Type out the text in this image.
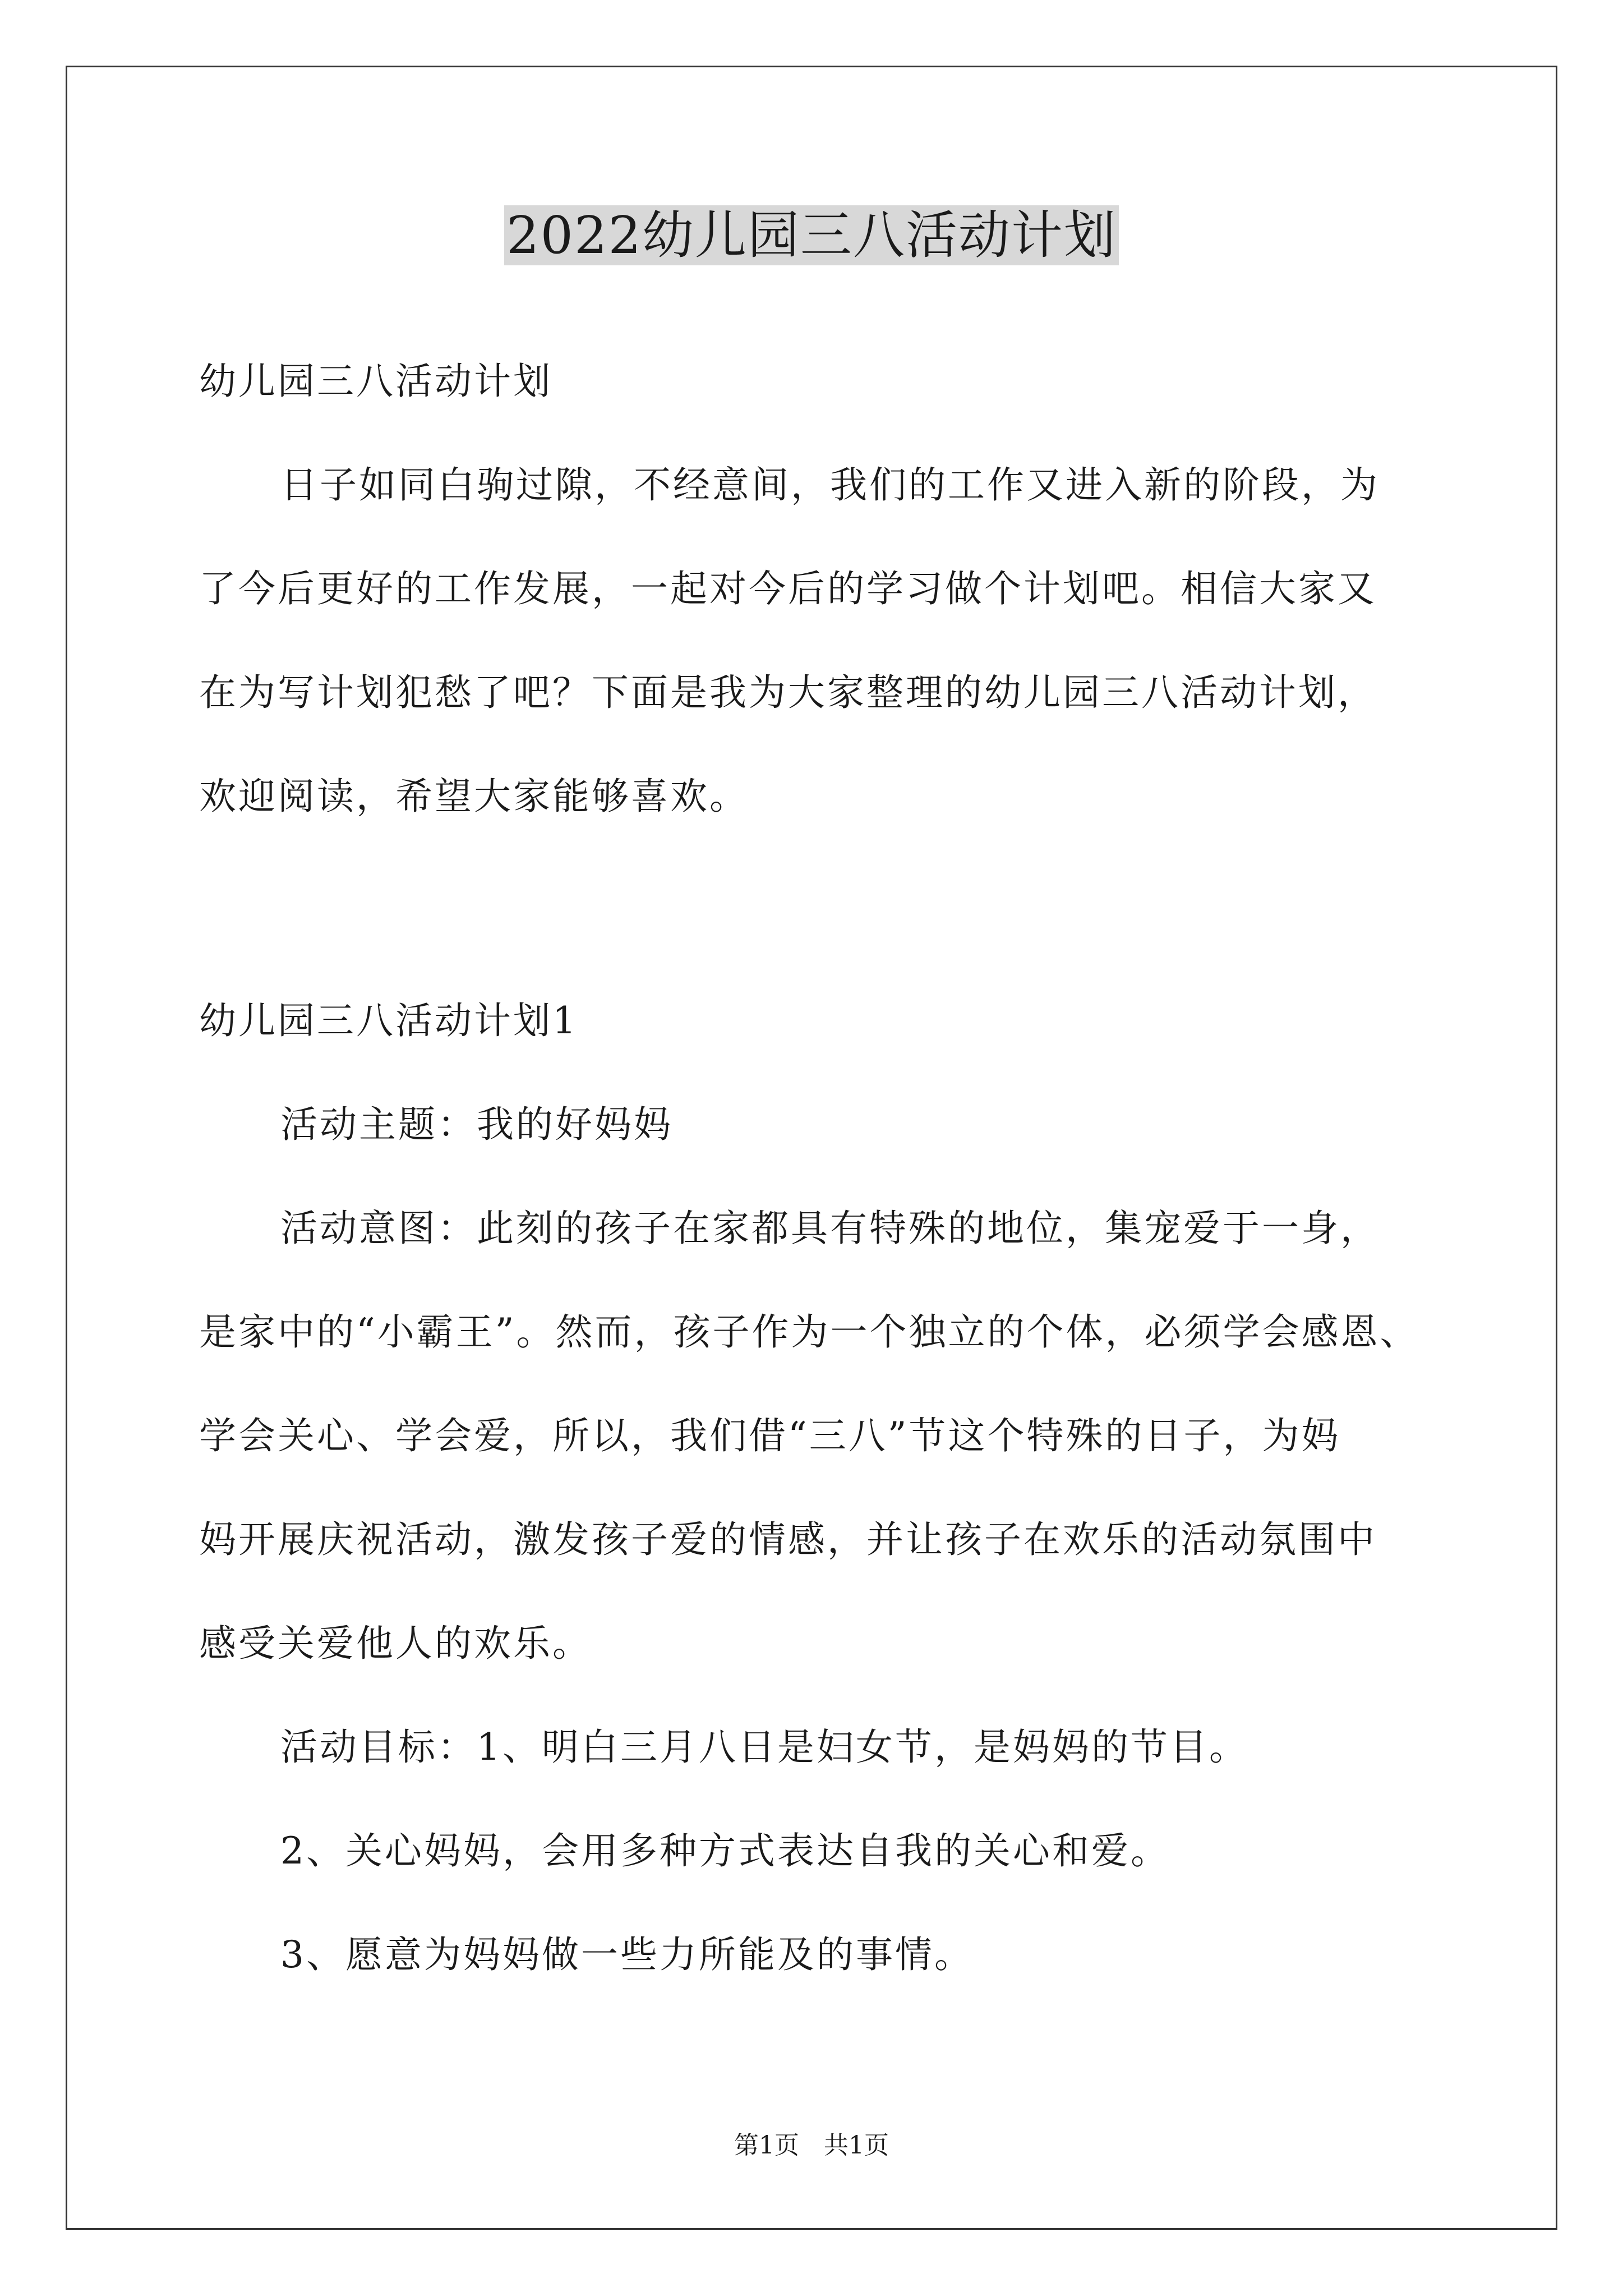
2022幼儿园三八活动计划
幼儿园三八活动计划
日子如同白驹过隙，不经意间，我们的工作又进入新的阶段，为
了今后更好的工作发展，一起对今后的学习做个计划吧。相信大家又
在为写计划犯愁了吧？下面是我为大家整理的幼儿园三八活动计划，
欢迎阅读，希望大家能够喜欢。
幼儿园三八活动计划1
活动主题：我的好妈妈
活动意图：此刻的孩子在家都具有特殊的地位，集宠爱于一身，
是家中的“小霸王”。然而，孩子作为一个独立的个体，必须学会感恩、
学会关心、学会爱，所以，我们借“三八”节这个特殊的日子，为妈
妈开展庆祝活动，激发孩子爱的情感，并让孩子在欢乐的活动氛围中
感受关爱他人的欢乐。
活动目标：1、明白三月八日是妇女节，是妈妈的节目。
2、关心妈妈，会用多种方式表达自我的关心和爱。
3、愿意为妈妈做一些力所能及的事情。
第1页　共1页
